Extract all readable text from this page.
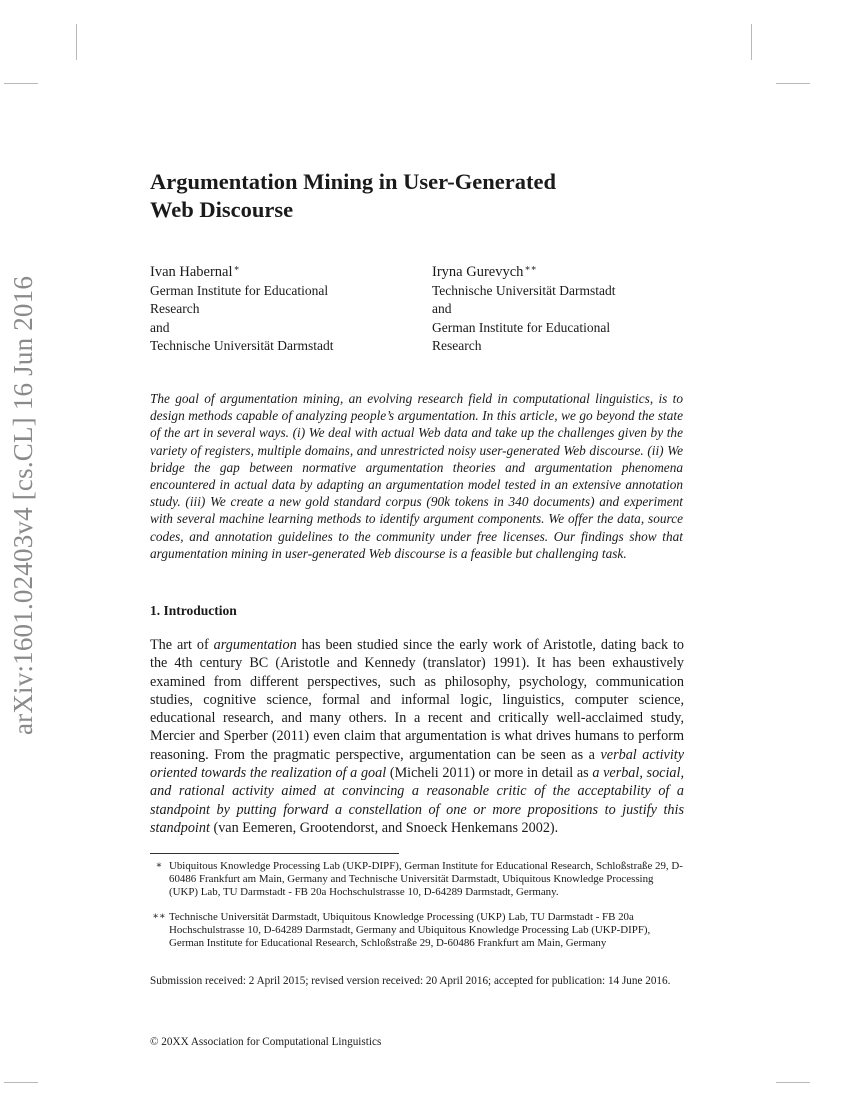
arXiv:1601.02403v4 [cs.CL] 16 Jun 2016
Argumentation Mining in User-Generated
Web Discourse
Ivan Habernal∗
German Institute for Educational
Research
and
Technische Universität Darmstadt
Iryna Gurevych∗∗
Technische Universität Darmstadt
and
German Institute for Educational
Research

The goal of argumentation mining, an evolving research field in computational linguistics, is to design methods capable of analyzing people’s argumentation. In this article, we go beyond the state of the art in several ways. (i) We deal with actual Web data and take up the challenges given by the variety of registers, multiple domains, and unrestricted noisy user-generated Web discourse. (ii) We bridge the gap between normative argumentation theories and argumentation phenomena encountered in actual data by adapting an argumentation model tested in an extensive annotation study. (iii) We create a new gold standard corpus (90k tokens in 340 documents) and experiment with several machine learning methods to identify argument components. We offer the data, source codes, and annotation guidelines to the community under free licenses. Our findings show that argumentation mining in user-generated Web discourse is a feasible but challenging task.

1. Introduction

The art of argumentation has been studied since the early work of Aristotle, dating back to the 4th century BC (Aristotle and Kennedy (translator) 1991). It has been exhaustively examined from different perspectives, such as philosophy, psychology, communication studies, cognitive science, formal and informal logic, linguistics, computer science, educational research, and many others. In a recent and critically well-acclaimed study, Mercier and Sperber (2011) even claim that argumentation is what drives humans to perform reasoning. From the pragmatic perspective, argumentation can be seen as a verbal activity oriented towards the realization of a goal (Micheli 2011) or more in detail as a verbal, social, and rational activity aimed at convincing a reasonable critic of the acceptability of a standpoint by putting forward a constellation of one or more propositions to justify this standpoint (van Eemeren, Grootendorst, and Snoeck Henkemans 2002).

∗ Ubiquitous Knowledge Processing Lab (UKP-DIPF), German Institute for Educational Research, Schloßstraße 29, D-60486 Frankfurt am Main, Germany and Technische Universität Darmstadt, Ubiquitous Knowledge Processing (UKP) Lab, TU Darmstadt - FB 20a Hochschulstrasse 10, D-64289 Darmstadt, Germany.
∗∗ Technische Universität Darmstadt, Ubiquitous Knowledge Processing (UKP) Lab, TU Darmstadt - FB 20a Hochschulstrasse 10, D-64289 Darmstadt, Germany and Ubiquitous Knowledge Processing Lab (UKP-DIPF), German Institute for Educational Research, Schloßstraße 29, D-60486 Frankfurt am Main, Germany
Submission received: 2 April 2015; revised version received: 20 April 2016; accepted for publication: 14 June 2016.
© 20XX Association for Computational Linguistics
